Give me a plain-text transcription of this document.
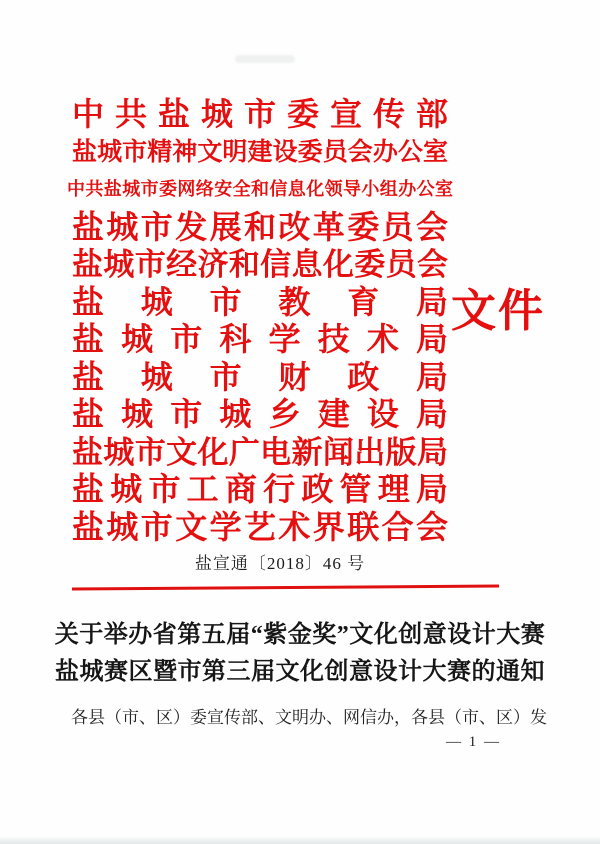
中共盐城市委宣传部
盐城市精神文明建设委员会办公室
中共盐城市委网络安全和信息化领导小组办公室
盐城市发展和改革委员会
盐城市经济和信息化委员会
盐城市教育局
盐城市科学技术局
盐城市财政局
盐城市城乡建设局
盐城市文化广电新闻出版局
盐城市工商行政管理局
盐城市文学艺术界联合会
文件
盐宣通〔2018〕46 号
关于举办省第五届“紫金奖”文化创意设计大赛
盐城赛区暨市第三届文化创意设计大赛的通知
各县（市、区）委宣传部、文明办、网信办，各县（市、区）发
— 1 —
